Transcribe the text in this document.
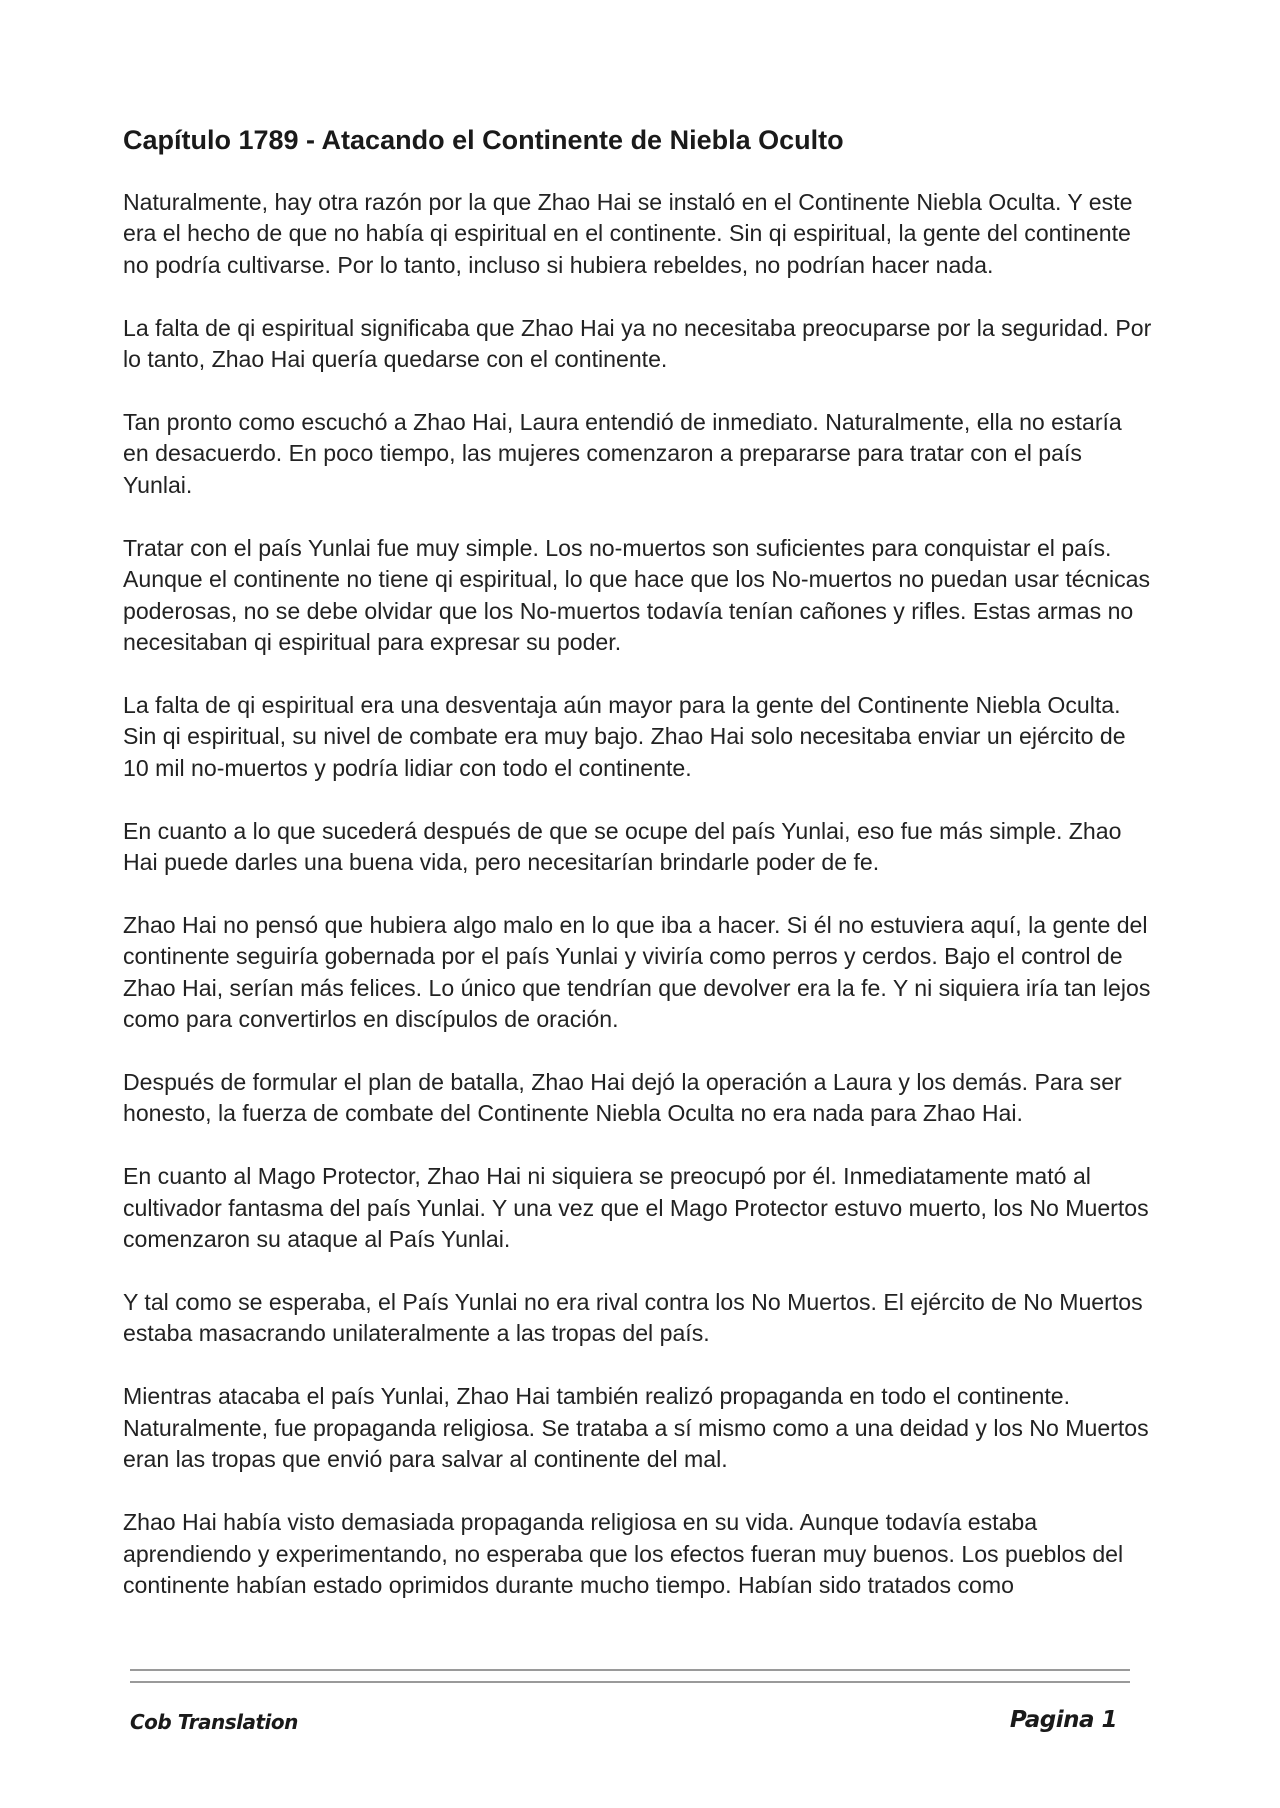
Capítulo 1789 - Atacando el Continente de Niebla Oculto

Naturalmente, hay otra razón por la que Zhao Hai se instaló en el Continente Niebla Oculta. Y este era el hecho de que no había qi espiritual en el continente. Sin qi espiritual, la gente del continente no podría cultivarse. Por lo tanto, incluso si hubiera rebeldes, no podrían hacer nada.

La falta de qi espiritual significaba que Zhao Hai ya no necesitaba preocuparse por la seguridad. Por lo tanto, Zhao Hai quería quedarse con el continente.

Tan pronto como escuchó a Zhao Hai, Laura entendió de inmediato. Naturalmente, ella no estaría en desacuerdo. En poco tiempo, las mujeres comenzaron a prepararse para tratar con el país Yunlai.

Tratar con el país Yunlai fue muy simple. Los no-muertos son suficientes para conquistar el país. Aunque el continente no tiene qi espiritual, lo que hace que los No-muertos no puedan usar técnicas poderosas, no se debe olvidar que los No-muertos todavía tenían cañones y rifles. Estas armas no necesitaban qi espiritual para expresar su poder.

La falta de qi espiritual era una desventaja aún mayor para la gente del Continente Niebla Oculta. Sin qi espiritual, su nivel de combate era muy bajo. Zhao Hai solo necesitaba enviar un ejército de 10 mil no-muertos y podría lidiar con todo el continente.

En cuanto a lo que sucederá después de que se ocupe del país Yunlai, eso fue más simple. Zhao Hai puede darles una buena vida, pero necesitarían brindarle poder de fe.

Zhao Hai no pensó que hubiera algo malo en lo que iba a hacer. Si él no estuviera aquí, la gente del continente seguiría gobernada por el país Yunlai y viviría como perros y cerdos. Bajo el control de Zhao Hai, serían más felices. Lo único que tendrían que devolver era la fe. Y ni siquiera iría tan lejos como para convertirlos en discípulos de oración.

Después de formular el plan de batalla, Zhao Hai dejó la operación a Laura y los demás. Para ser honesto, la fuerza de combate del Continente Niebla Oculta no era nada para Zhao Hai.

En cuanto al Mago Protector, Zhao Hai ni siquiera se preocupó por él. Inmediatamente mató al cultivador fantasma del país Yunlai. Y una vez que el Mago Protector estuvo muerto, los No Muertos comenzaron su ataque al País Yunlai.

Y tal como se esperaba, el País Yunlai no era rival contra los No Muertos. El ejército de No Muertos estaba masacrando unilateralmente a las tropas del país.

Mientras atacaba el país Yunlai, Zhao Hai también realizó propaganda en todo el continente. Naturalmente, fue propaganda religiosa. Se trataba a sí mismo como a una deidad y los No Muertos eran las tropas que envió para salvar al continente del mal.

Zhao Hai había visto demasiada propaganda religiosa en su vida. Aunque todavía estaba aprendiendo y experimentando, no esperaba que los efectos fueran muy buenos. Los pueblos del continente habían estado oprimidos durante mucho tiempo. Habían sido tratados como

Cob Translation	Pagina 1
